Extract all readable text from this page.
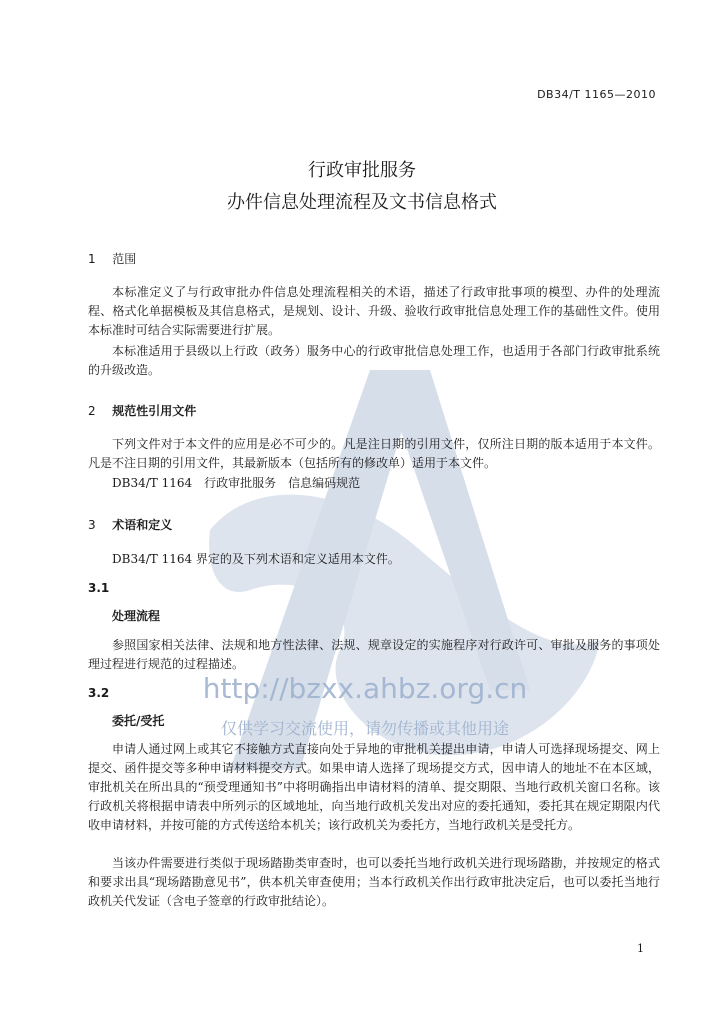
DB34/T 1165—2010
行政审批服务
办件信息处理流程及文书信息格式
1 范围

本标准定义了与行政审批办件信息处理流程相关的术语，描述了行政审批事项的模型、办件的处理流程、格式化单据模板及其信息格式，是规划、设计、升级、验收行政审批信息处理工作的基础性文件。使用本标准时可结合实际需要进行扩展。

本标准适用于县级以上行政（政务）服务中心的行政审批信息处理工作，也适用于各部门行政审批系统的升级改造。

2 规范性引用文件

下列文件对于本文件的应用是必不可少的。凡是注日期的引用文件，仅所注日期的版本适用于本文件。凡是不注日期的引用文件，其最新版本（包括所有的修改单）适用于本文件。

DB34/T 1164　行政审批服务　信息编码规范
3 术语和定义

DB34/T 1164 界定的及下列术语和定义适用本文件。

3.1
处理流程

参照国家相关法律、法规和地方性法律、法规、规章设定的实施程序对行政许可、审批及服务的事项处理过程进行规范的过程描述。

3.2
委托/受托

申请人通过网上或其它不接触方式直接向处于异地的审批机关提出申请，申请人可选择现场提交、网上提交、函件提交等多种申请材料提交方式。如果申请人选择了现场提交方式，因申请人的地址不在本区域，审批机关在所出具的“预受理通知书”中将明确指出申请材料的清单、提交期限、当地行政机关窗口名称。该行政机关将根据申请表中所列示的区域地址，向当地行政机关发出对应的委托通知，委托其在规定期限内代收申请材料，并按可能的方式传送给本机关；该行政机关为委托方，当地行政机关是受托方。

当该办件需要进行类似于现场踏勘类审查时，也可以委托当地行政机关进行现场踏勘，并按规定的格式和要求出具“现场踏勘意见书”，供本机关审查使用；当本行政机关作出行政审批决定后，也可以委托当地行政机关代发证（含电子签章的行政审批结论）。

http://bzxx.ahbz.org.cn
仅供学习交流使用，请勿传播或其他用途
1
